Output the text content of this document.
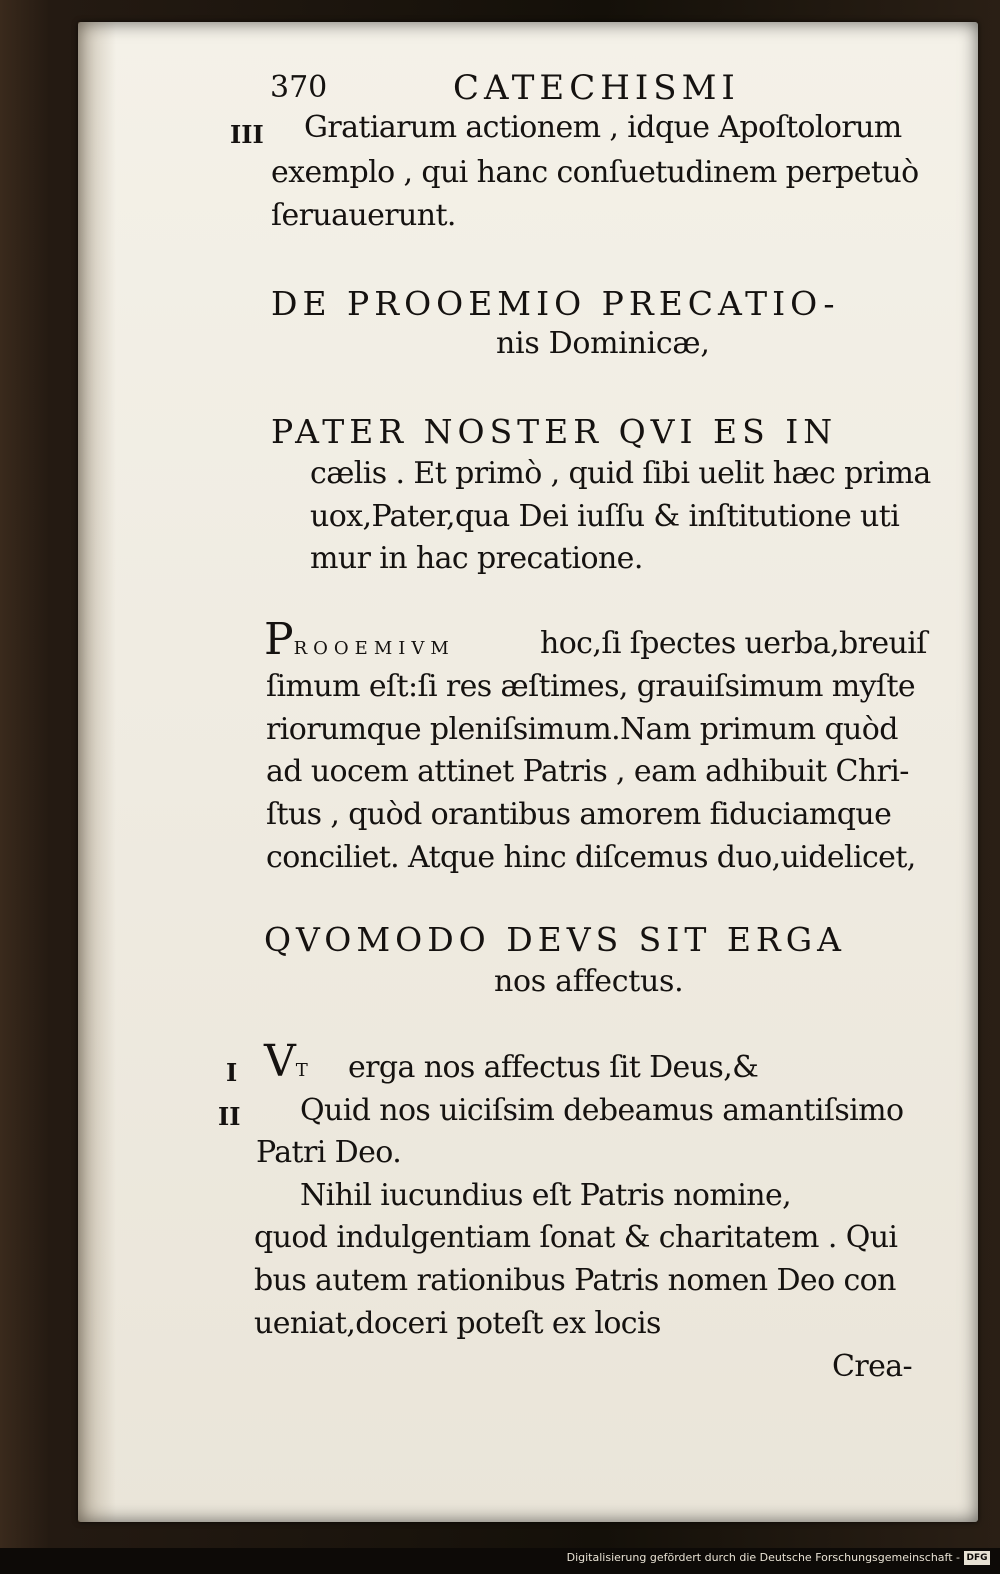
370	CATECHISMI
III Gratiarum actionem , idque Apoſtolorum
exemplo , qui hanc conſuetudinem perpetuò
ſeruauerunt.
DE PROOEMIO PRECATIO-
nis Dominicæ,
PATER NOSTER QVI ES IN
cælis . Et primò , quid ſibi uelit hæc prima
uox,Pater,qua Dei iuſſu & inſtitutione uti
mur in hac precatione.
PROOEMIVM	hoc,ſi ſpectes uerba,breuiſ
ſimum eſt:ſi res æſtimes, grauiſsimum myſte
riorumque pleniſsimum.Nam primum quòd
ad uocem attinet Patris , eam adhibuit Chri-
ſtus , quòd orantibus amorem fiduciamque
conciliet. Atque hinc diſcemus duo,uidelicet,
QVOMODO DEVS SIT ERGA
nos affectus.
I VT erga nos affectus ſit Deus,&
II Quid nos uiciſsim debeamus amantiſsimo
Patri Deo.
Nihil iucundius eſt Patris nomine,
quod indulgentiam ſonat & charitatem . Qui
bus autem rationibus Patris nomen Deo con
ueniat,doceri poteſt ex locis
Crea-
Digitalisierung gefördert durch die Deutsche Forschungsgemeinschaft - DFG
